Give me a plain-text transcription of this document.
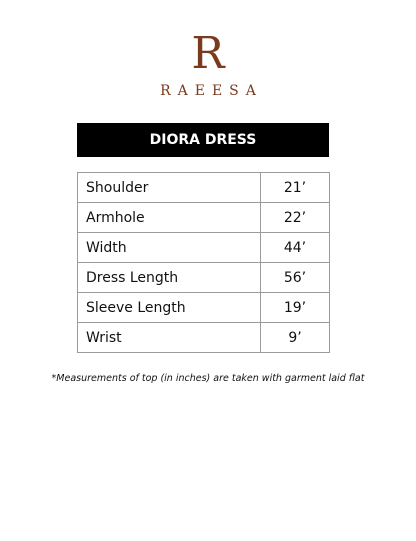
R
RAEESA
DIORA DRESS
Shoulder	21’
Armhole	22’
Width	44’
Dress Length	56’
Sleeve Length	19’
Wrist	9’
*Measurements of top (in inches) are taken with garment laid flat
